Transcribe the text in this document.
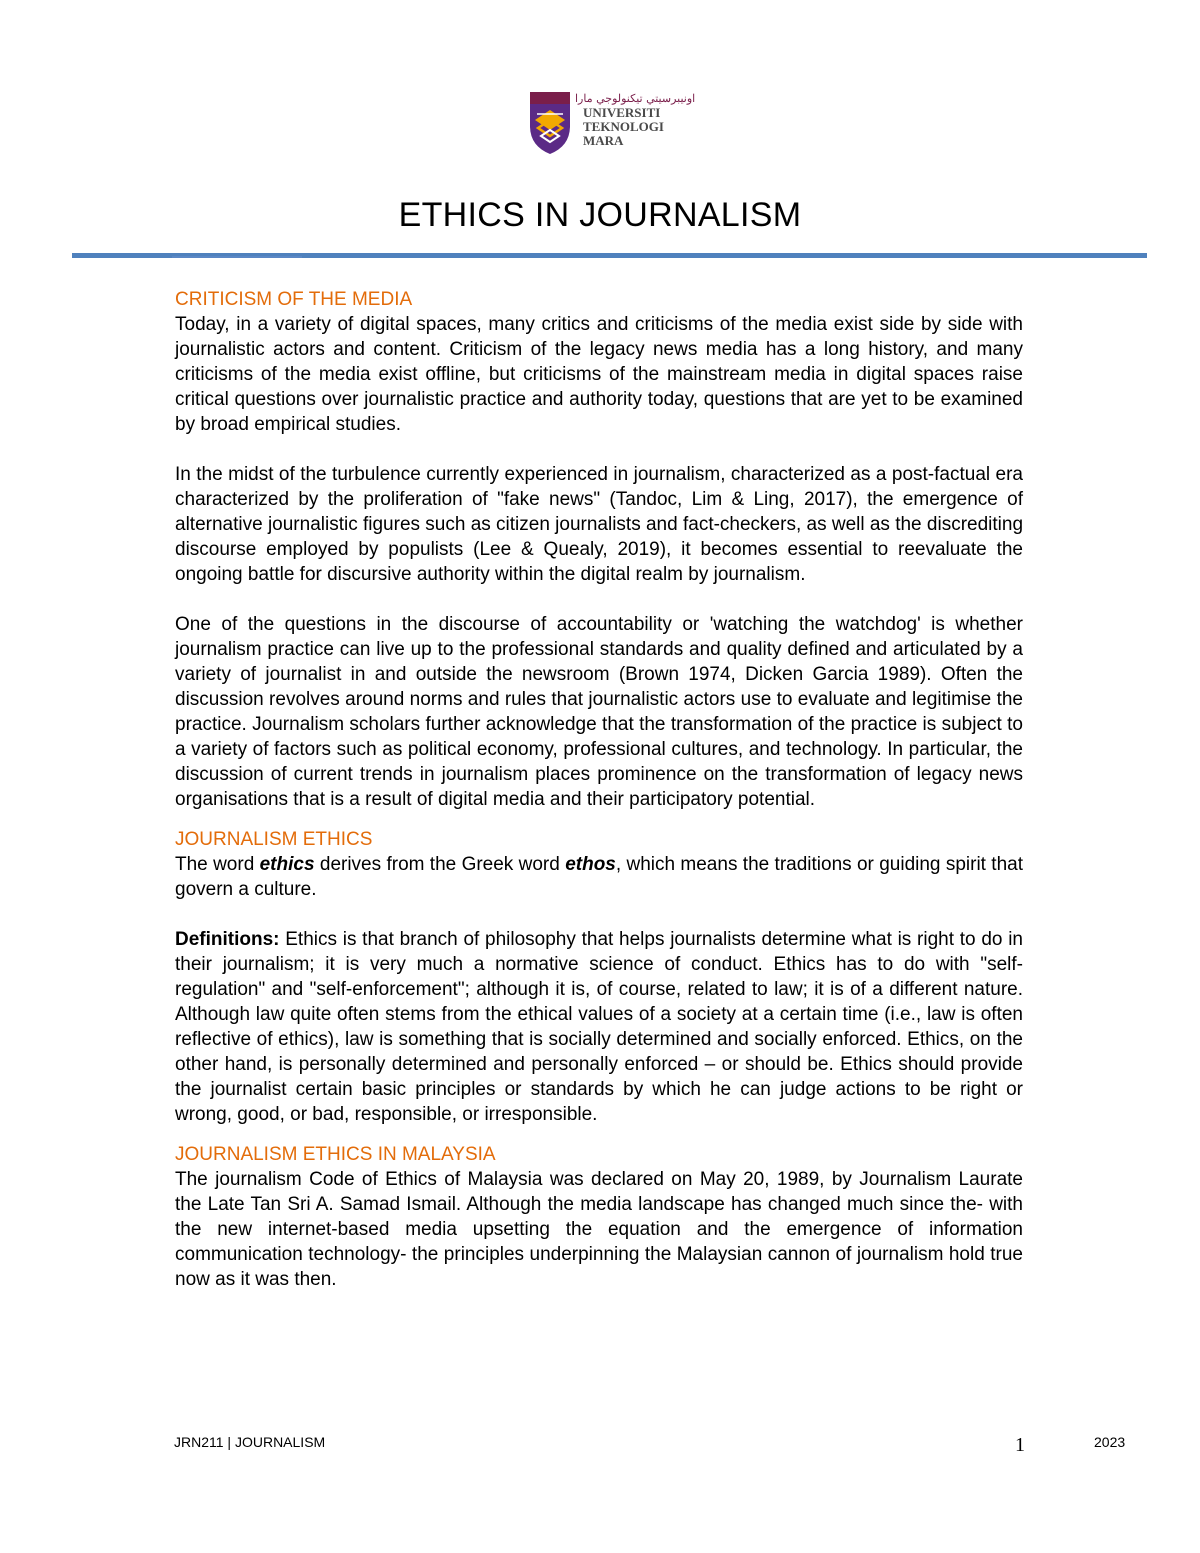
اونيبرسيتي تيكنولوجي مارا
UNIVERSITI
TEKNOLOGI
MARA
ETHICS IN JOURNALISM

CRITICISM OF THE MEDIA

Today, in a variety of digital spaces, many critics and criticisms of the media exist side by side with journalistic actors and content. Criticism of the legacy news media has a long history, and many criticisms of the media exist offline, but criticisms of the mainstream media in digital spaces raise critical questions over journalistic practice and authority today, questions that are yet to be examined by broad empirical studies.

In the midst of the turbulence currently experienced in journalism, characterized as a post-factual era characterized by the proliferation of "fake news" (Tandoc, Lim & Ling, 2017), the emergence of alternative journalistic figures such as citizen journalists and fact-checkers, as well as the discrediting discourse employed by populists (Lee & Quealy, 2019), it becomes essential to reevaluate the ongoing battle for discursive authority within the digital realm by journalism.

One of the questions in the discourse of accountability or 'watching the watchdog' is whether journalism practice can live up to the professional standards and quality defined and articulated by a variety of journalist in and outside the newsroom (Brown 1974, Dicken Garcia 1989). Often the discussion revolves around norms and rules that journalistic actors use to evaluate and legitimise the practice. Journalism scholars further acknowledge that the transformation of the practice is subject to a variety of factors such as political economy, professional cultures, and technology. In particular, the discussion of current trends in journalism places prominence on the transformation of legacy news organisations that is a result of digital media and their participatory potential.

JOURNALISM ETHICS

The word ethics derives from the Greek word ethos, which means the traditions or guiding spirit that govern a culture.

Definitions: Ethics is that branch of philosophy that helps journalists determine what is right to do in their journalism; it is very much a normative science of conduct. Ethics has to do with "self-regulation" and "self-enforcement"; although it is, of course, related to law; it is of a different nature. Although law quite often stems from the ethical values of a society at a certain time (i.e., law is often reflective of ethics), law is something that is socially determined and socially enforced. Ethics, on the other hand, is personally determined and personally enforced – or should be. Ethics should provide the journalist certain basic principles or standards by which he can judge actions to be right or wrong, good, or bad, responsible, or irresponsible.

JOURNALISM ETHICS IN MALAYSIA

The journalism Code of Ethics of Malaysia was declared on May 20, 1989, by Journalism Laurate the Late Tan Sri A. Samad Ismail. Although the media landscape has changed much since the- with the new internet-based media upsetting the equation and the emergence of information communication technology- the principles underpinning the Malaysian cannon of journalism hold true now as it was then.

JRN211 | JOURNALISM	1	2023
